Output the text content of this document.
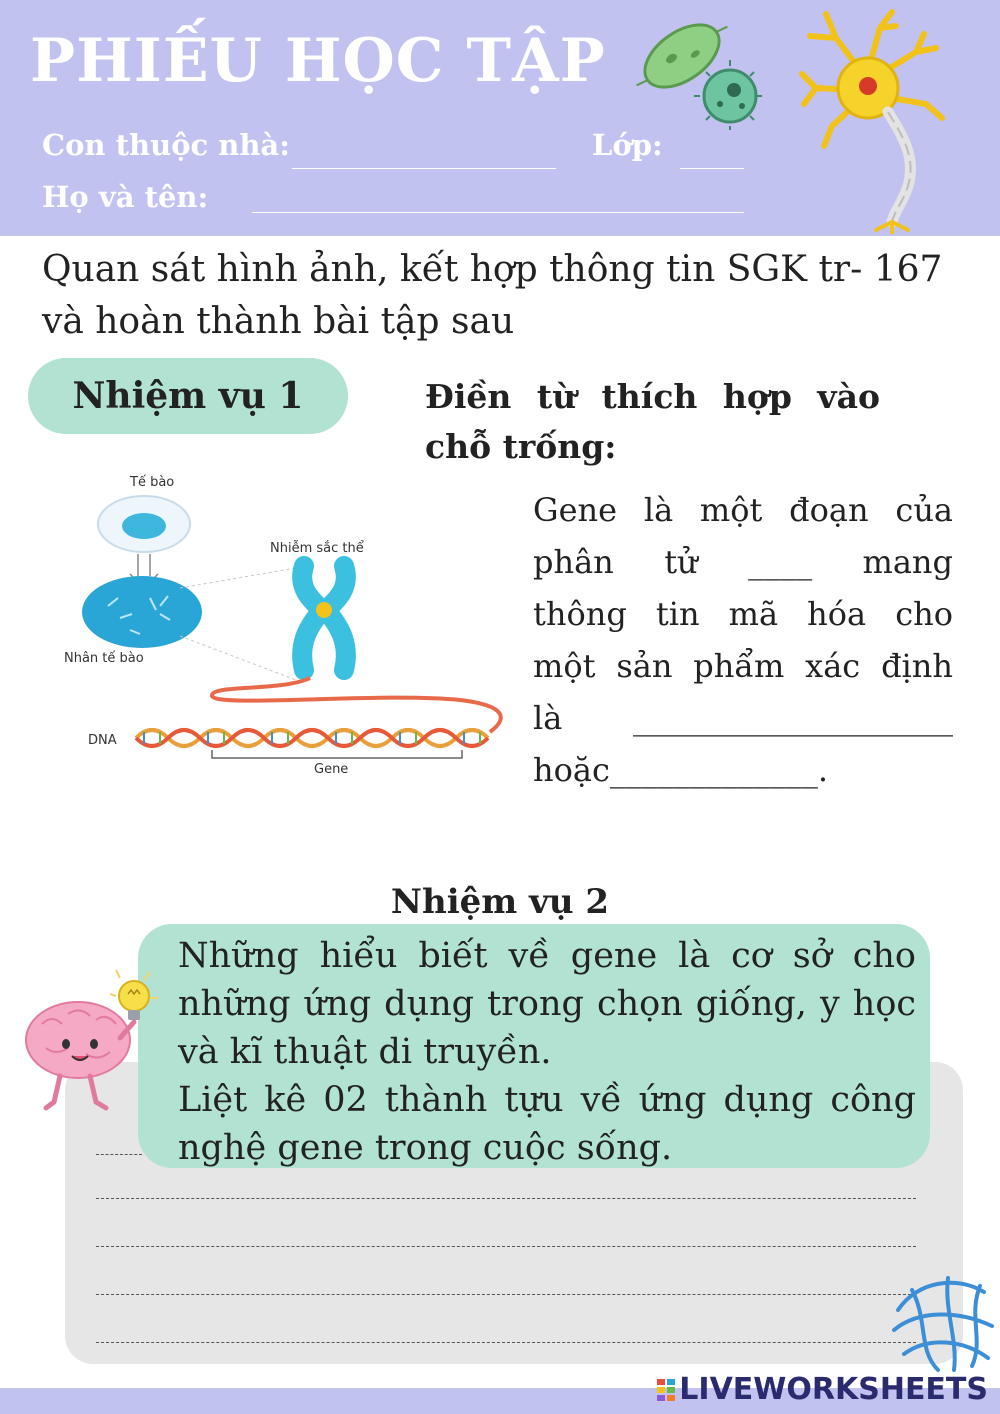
PHIẾU HỌC TẬP
Con thuộc nhà:	Lớp:
Họ và tên:
Quan sát hình ảnh, kết hợp thông tin SGK tr- 167
và hoàn thành bài tập sau
Nhiệm vụ 1	Điền từ thích hợp vào chỗ trống:
Tế bào
Nhân tế bào
Nhiễm sắc thể
DNA
Gene
Gene là một đoạn của
phân tử ____ mang
thông tin mã hóa cho
một sản phẩm xác định
là ____________________
hoặc_____________.
Nhiệm vụ 2
Những hiểu biết về gene là cơ sở cho
những ứng dụng trong chọn giống, y học
và kĩ thuật di truyền.
Liệt kê 02 thành tựu về ứng dụng công
nghệ gene trong cuộc sống.
LIVEWORKSHEETS
